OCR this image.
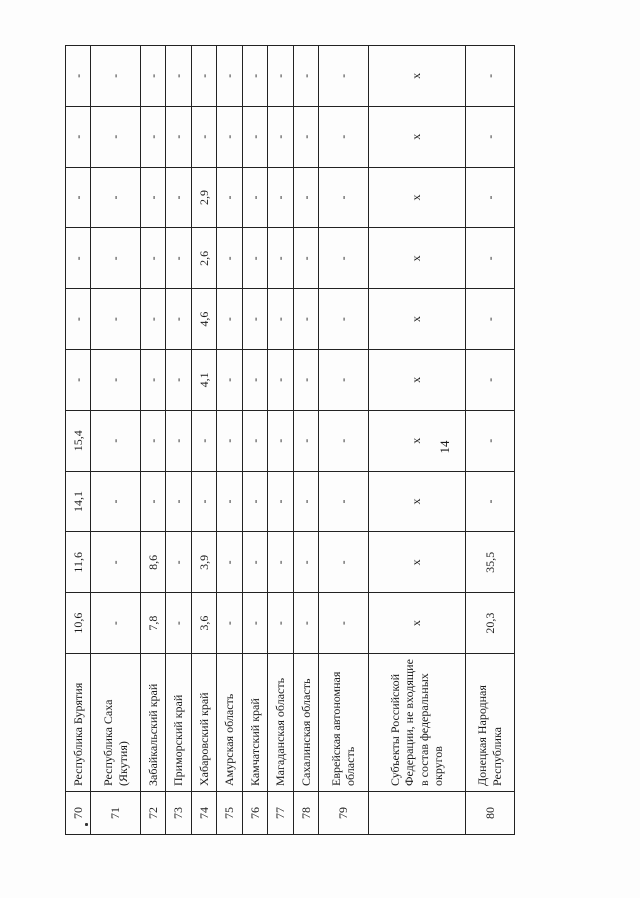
14
70	Республика Бурятия	10,6	11,6	14,1	15,4	-	-	-	-	-	-
71	Республика Саха (Якутия)	-	-	-	-	-	-	-	-	-	-
72	Забайкальский край	7,8	8,6	-	-	-	-	-	-	-	-
73	Приморский край	-	-	-	-	-	-	-	-	-	-
74	Хабаровский край	3,6	3,9	-	-	4,1	4,6	2,6	2,9	-	-
75	Амурская область	-	-	-	-	-	-	-	-	-	-
76	Камчатский край	-	-	-	-	-	-	-	-	-	-
77	Магаданская область	-	-	-	-	-	-	-	-	-	-
78	Сахалинская область	-	-	-	-	-	-	-	-	-	-
79	Еврейская автономная область	-	-	-	-	-	-	-	-	-	-
	Субъекты Российской Федерации, не входящие в состав федеральных округов	х	х	х	х	х	х	х	х	х	х
80	Донецкая Народная Республика	20,3	35,5	-	-	-	-	-	-	-	-
